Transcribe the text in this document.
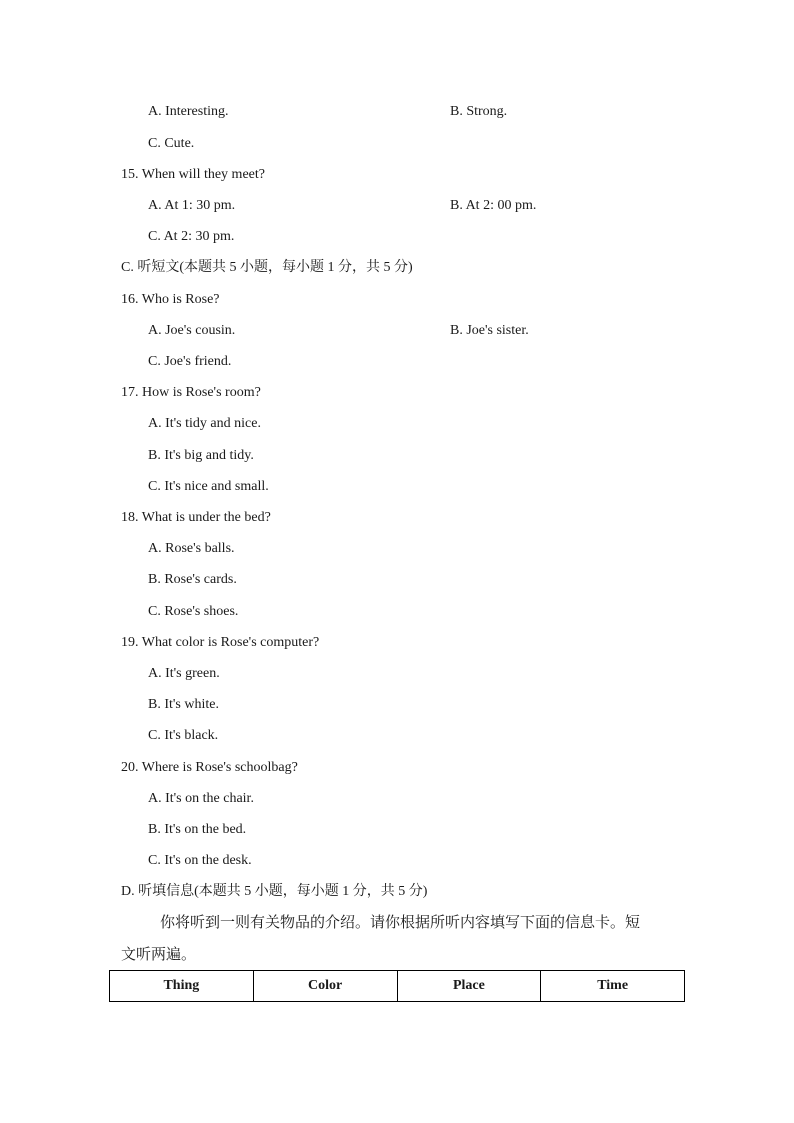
A. Interesting.	B. Strong.
C. Cute.
15. When will they meet?
A. At 1: 30 pm.	B. At 2: 00 pm.
C. At 2: 30 pm.
C. 听短文(本题共 5 小题，每小题 1 分，共 5 分)
16. Who is Rose?
A. Joe's cousin.	B. Joe's sister.
C. Joe's friend.
17. How is Rose's room?
A. It's tidy and nice.
B. It's big and tidy.
C. It's nice and small.
18. What is under the bed?
A. Rose's balls.
B. Rose's cards.
C. Rose's shoes.
19. What color is Rose's computer?
A. It's green.
B. It's white.
C. It's black.
20. Where is Rose's schoolbag?
A. It's on the chair.
B. It's on the bed.
C. It's on the desk.
D. 听填信息(本题共 5 小题，每小题 1 分，共 5 分)
你将听到一则有关物品的介绍。请你根据所听内容填写下面的信息卡。短
文听两遍。
Thing	Color	Place	Time
